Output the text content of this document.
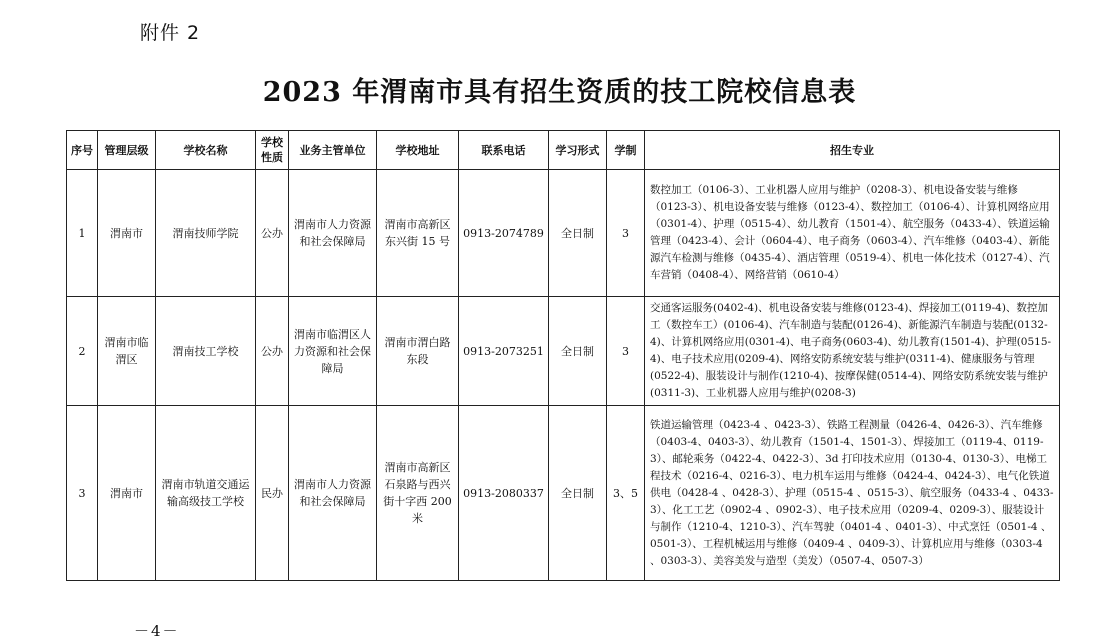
附件 2
2023 年渭南市具有招生资质的技工院校信息表
序号	管理层级	学校名称	学校性质	业务主管单位	学校地址	联系电话	学习形式	学制	招生专业
1	渭南市	渭南技师学院	公办	渭南市人力资源和社会保障局	渭南市高新区东兴街 15 号	0913-2074789	全日制	3	数控加工（0106-3）、工业机器人应用与维护（0208-3）、机电设备安装与维修（0123-3）、机电设备安装与维修（0123-4）、数控加工（0106-4）、计算机网络应用（0301-4）、护理（0515-4）、幼儿教育（1501-4）、航空服务（0433-4）、铁道运输管理（0423-4）、会计（0604-4）、电子商务（0603-4）、汽车维修（0403-4）、新能源汽车检测与维修（0435-4）、酒店管理（0519-4）、机电一体化技术（0127-4）、汽车营销（0408-4）、网络营销（0610-4）
2	渭南市临渭区	渭南技工学校	公办	渭南市临渭区人力资源和社会保障局	渭南市渭白路东段	0913-2073251	全日制	3	交通客运服务(0402-4)、机电设备安装与维修(0123-4)、焊接加工(0119-4)、数控加工（数控车工）(0106-4)、汽车制造与装配(0126-4)、新能源汽车制造与装配(0132-4)、计算机网络应用(0301-4)、电子商务(0603-4)、幼儿教育(1501-4)、护理(0515-4)、电子技术应用(0209-4)、网络安防系统安装与维护(0311-4)、健康服务与管理(0522-4)、服装设计与制作(1210-4)、按摩保健(0514-4)、网络安防系统安装与维护(0311-3)、工业机器人应用与维护(0208-3)
3	渭南市	渭南市轨道交通运输高级技工学校	民办	渭南市人力资源和社会保障局	渭南市高新区石泉路与西兴街十字西 200 米	0913-2080337	全日制	3、5	铁道运输管理（0423-4 、0423-3）、铁路工程测量（0426-4、0426-3）、汽车维修（0403-4、0403-3）、幼儿教育（1501-4、1501-3）、焊接加工（0119-4、0119-3）、邮轮乘务（0422-4、0422-3）、3d 打印技术应用（0130-4、0130-3）、电梯工程技术（0216-4、0216-3）、电力机车运用与维修（0424-4、0424-3）、电气化铁道供电（0428-4 、0428-3）、护理（0515-4 、0515-3）、航空服务（0433-4 、0433-3）、化工工艺（0902-4 、0902-3）、电子技术应用（0209-4、0209-3）、服装设计与制作（1210-4、1210-3）、汽车驾驶（0401-4 、0401-3）、中式烹饪（0501-4 、0501-3）、工程机械运用与维修（0409-4 、0409-3）、计算机应用与维修（0303-4 、0303-3）、美容美发与造型（美发）（0507-4、0507-3）
－4－
